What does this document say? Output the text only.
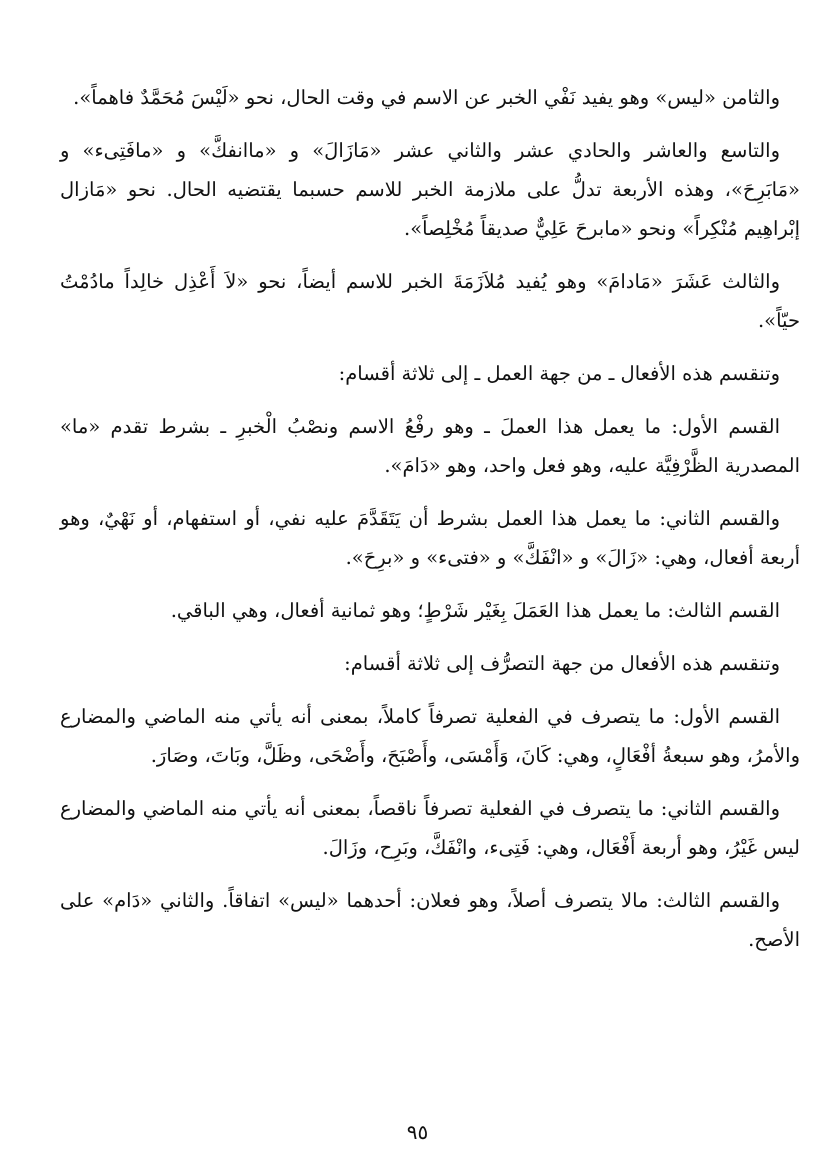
والثامن «ليس» وهو يفيد نَفْي الخبر عن الاسم في وقت الحال، نحو «لَيْسَ مُحَمَّدٌ فاهماً».

والتاسع والعاشر والحادي عشر والثاني عشر «مَازَالَ» و «ماانفكَّ» و «مافَتِىء» و «مَابَرِحَ»، وهذه الأربعة تدلُّ على ملازمة الخبر للاسم حسبما يقتضيه الحال. نحو «مَازال إبْراهِيم مُنْكِراً» ونحو «مابرحَ عَلِيٌّ صديقاً مُخْلِصاً».

والثالث عَشَرَ «مَادامَ» وهو يُفيد مُلاَزَمَةَ الخبر للاسم أيضاً، نحو «لاَ أَعْذِل خالِداً مادُمْتُ حيّاً».

وتنقسم هذه الأفعال ـ من جهة العمل ـ إلى ثلاثة أقسام:

القسم الأول: ما يعمل هذا العملَ ـ وهو رفْعُ الاسم ونصْبُ الْخبرِ ـ بشرط تقدم «ما» المصدرية الظَّرْفِيَّة عليه، وهو فعل واحد، وهو «دَامَ».

والقسم الثاني: ما يعمل هذا العمل بشرط أن يَتَقَدَّمَ عليه نفي، أو استفهام، أو نَهْيٌ، وهو أربعة أفعال، وهي: «زَالَ» و «انْفَكَّ» و «فتىء» و «برِحَ».

القسم الثالث: ما يعمل هذا العَمَلَ بِغَيْر شَرْطٍ؛ وهو ثمانية أفعال، وهي الباقي.

وتنقسم هذه الأفعال من جهة التصرُّف إلى ثلاثة أقسام:

القسم الأول: ما يتصرف في الفعلية تصرفاً كاملاً، بمعنى أنه يأتي منه الماضي والمضارع والأمرُ، وهو سبعةُ أفْعَالٍ، وهي: كَانَ، وَأَمْسَى، وأَصْبَحَ، وأَضْحَى، وظَلَّ، وبَاتَ، وصَارَ.

والقسم الثاني: ما يتصرف في الفعلية تصرفاً ناقصاً، بمعنى أنه يأتي منه الماضي والمضارع ليس غَيْرُ، وهو أربعة أَفْعَال، وهي: فَتِىء، وانْفَكَّ، وبَرِح، وزَالَ.

والقسم الثالث: مالا يتصرف أصلاً، وهو فعلان: أحدهما «ليس» اتفاقاً. والثاني «دَام» على الأصح.

٩٥
